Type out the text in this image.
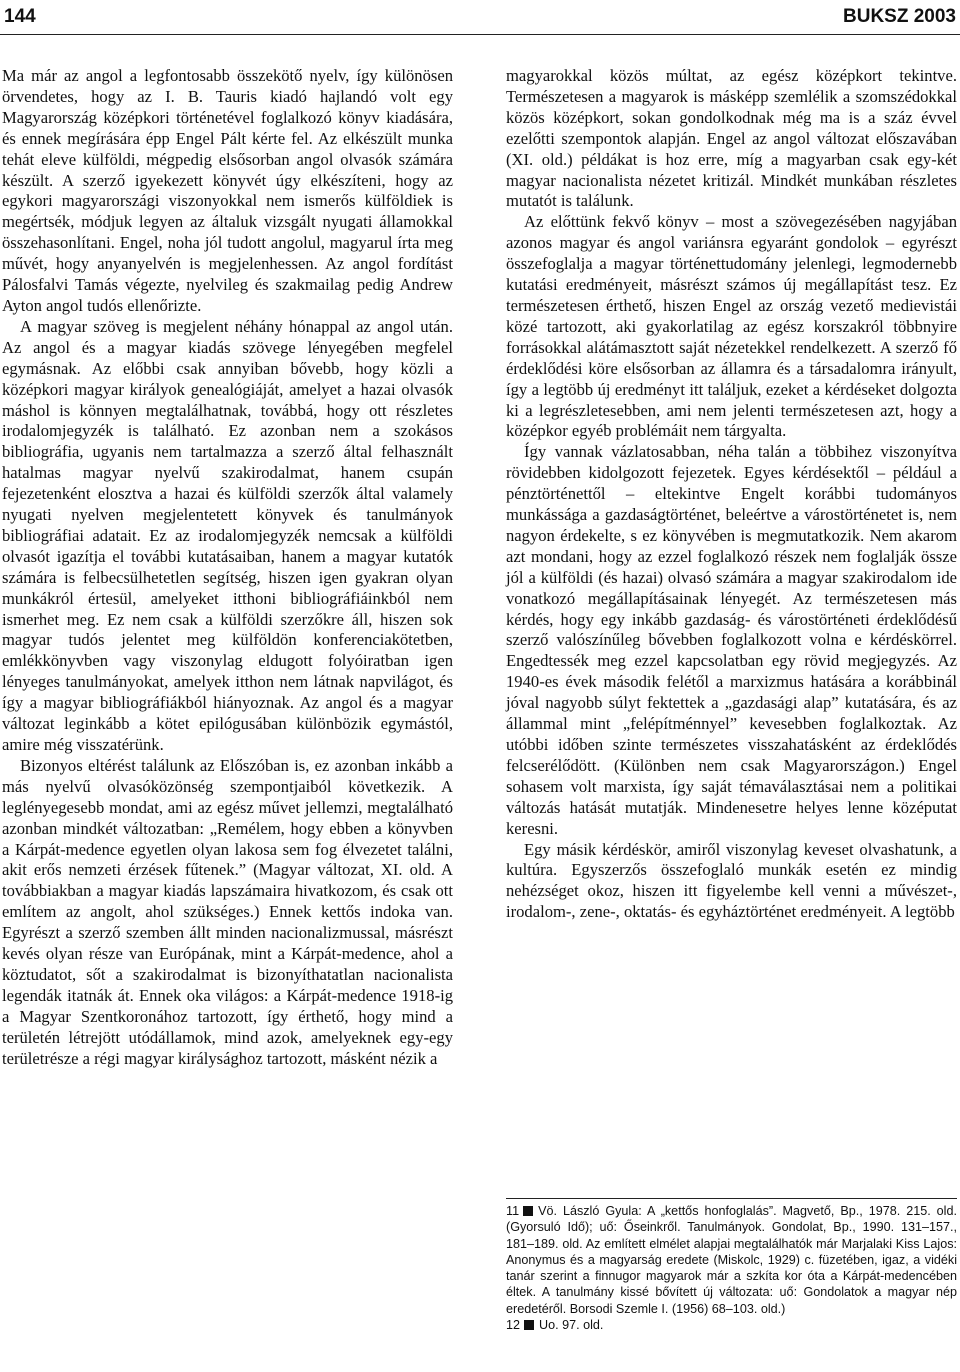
144	BUKSZ 2003

Ma már az angol a legfontosabb összekötő nyelv, így különösen örvendetes, hogy az I. B. Tauris kiadó hajlandó volt egy Magyarország középkori történetével foglalkozó könyv kiadására, és ennek megírására épp Engel Pált kérte fel. Az elkészült munka tehát eleve külföldi, mégpedig elsősorban angol olvasók számára készült. A szerző igyekezett könyvét úgy elkészíteni, hogy az egykori magyarországi viszonyokkal nem ismerős külföldiek is megértsék, módjuk legyen az általuk vizsgált nyugati államokkal összehasonlítani. Engel, noha jól tudott angolul, magyarul írta meg művét, hogy anyanyelvén is megjelenhessen. Az angol fordítást Pálosfalvi Tamás végezte, nyelvileg és szakmailag pedig Andrew Ayton angol tudós ellenőrizte.

A magyar szöveg is megjelent néhány hónappal az angol után. Az angol és a magyar kiadás szövege lényegében megfelel egymásnak. Az előbbi csak annyiban bővebb, hogy közli a középkori magyar királyok genealógiáját, amelyet a hazai olvasók máshol is könnyen megtalálhatnak, továbbá, hogy ott részletes irodalomjegyzék is található. Ez azonban nem a szokásos bibliográfia, ugyanis nem tartalmazza a szerző által felhasznált hatalmas magyar nyelvű szakirodalmat, hanem csupán fejezetenként elosztva a hazai és külföldi szerzők által valamely nyugati nyelven megjelentetett könyvek és tanulmányok bibliográfiai adatait. Ez az irodalomjegyzék nemcsak a külföldi olvasót igazítja el további kutatásaiban, hanem a magyar kutatók számára is felbecsülhetetlen segítség, hiszen igen gyakran olyan munkákról értesül, amelyeket itthoni bibliográfiáinkból nem ismerhet meg. Ez nem csak a külföldi szerzőkre áll, hiszen sok magyar tudós jelentet meg külföldön konferenciakötetben, emlékkönyvben vagy viszonylag eldugott folyóiratban igen lényeges tanulmányokat, amelyek itthon nem látnak napvilágot, és így a magyar bibliográfiákból hiányoznak. Az angol és a magyar változat leginkább a kötet epilógusában különbözik egymástól, amire még visszatérünk.

Bizonyos eltérést találunk az Előszóban is, ez azonban inkább a más nyelvű olvasóközönség szempontjaiból következik. A leglényegesebb mondat, ami az egész művet jellemzi, megtalálható azonban mindkét változatban: „Remélem, hogy ebben a könyvben a Kárpát-medence egyetlen olyan lakosa sem fog élvezetet találni, akit erős nemzeti érzések fűtenek.” (Magyar változat, XI. old. A továbbiakban a magyar kiadás lapszámaira hivatkozom, és csak ott említem az angolt, ahol szükséges.) Ennek kettős indoka van. Egyrészt a szerző szemben állt minden nacionalizmussal, másrészt kevés olyan része van Európának, mint a Kárpát-medence, ahol a köztudatot, sőt a szakirodalmat is bizonyíthatatlan nacionalista legendák itatnák át. Ennek oka világos: a Kárpát-medence 1918-ig a Magyar Szentkoronához tartozott, így érthető, hogy mind a területén létrejött utódállamok, mind azok, amelyeknek egy-egy területrésze a régi magyar királysághoz tartozott, másként nézik a

magyarokkal közös múltat, az egész középkort tekintve. Természetesen a magyarok is másképp szemlélik a szomszédokkal közös középkort, sokan gondolkodnak még ma is a száz évvel ezelőtti szempontok alapján. Engel az angol változat előszavában (XI. old.) példákat is hoz erre, míg a magyarban csak egy-két magyar nacionalista nézetet kritizál. Mindkét munkában részletes mutatót is találunk.

Az előttünk fekvő könyv – most a szövegezésében nagyjában azonos magyar és angol variánsra egyaránt gondolok – egyrészt összefoglalja a magyar történettudomány jelenlegi, legmodernebb kutatási eredményeit, másrészt számos új megállapítást tesz. Ez természetesen érthető, hiszen Engel az ország vezető medievistái közé tartozott, aki gyakorlatilag az egész korszakról többnyire forrásokkal alátámasztott saját nézetekkel rendelkezett. A szerző fő érdeklődési köre elsősorban az államra és a társadalomra irányult, így a legtöbb új eredményt itt találjuk, ezeket a kérdéseket dolgozta ki a legrészletesebben, ami nem jelenti természetesen azt, hogy a középkor egyéb problémáit nem tárgyalta.

Így vannak vázlatosabban, néha talán a többihez viszonyítva rövidebben kidolgozott fejezetek. Egyes kérdésektől – például a pénztörténettől – eltekintve Engelt korábbi tudományos munkássága a gazdaságtörténet, beleértve a várostörténetet is, nem nagyon érdekelte, s ez könyvében is megmutatkozik. Nem akarom azt mondani, hogy az ezzel foglalkozó részek nem foglalják össze jól a külföldi (és hazai) olvasó számára a magyar szakirodalom ide vonatkozó megállapításainak lényegét. Az természetesen más kérdés, hogy egy inkább gazdaság- és várostörténeti érdeklődésű szerző valószínűleg bővebben foglalkozott volna e kérdéskörrel. Engedtessék meg ezzel kapcsolatban egy rövid megjegyzés. Az 1940-es évek második felétől a marxizmus hatására a korábbinál jóval nagyobb súlyt fektettek a „gazdasági alap” kutatására, és az állammal mint „felépítménnyel” kevesebben foglalkoztak. Az utóbbi időben szinte természetes visszahatásként az érdeklődés felcserélődött. (Különben nem csak Magyarországon.) Engel sohasem volt marxista, így saját témaválasztásai nem a politikai változás hatását mutatják. Mindenesetre helyes lenne középutat keresni.

Egy másik kérdéskör, amiről viszonylag keveset olvashatunk, a kultúra. Egyszerzős összefoglaló munkák esetén ez mindig nehézséget okoz, hiszen itt figyelembe kell venni a művészet-, irodalom-, zene-, oktatás- és egyháztörténet eredményeit. A legtöbb

11 Vö. László Gyula: A „kettős honfoglalás”. Magvető, Bp., 1978. 215. old. (Gyorsuló Idő); uő: Őseinkről. Tanulmányok. Gondolat, Bp., 1990. 131–157., 181–189. old. Az említett elmélet alapjai megtalálhatók már Marjalaki Kiss Lajos: Anonymus és a magyarság eredete (Miskolc, 1929) c. füzetében, igaz, a vidéki tanár szerint a finnugor magyarok már a szkíta kor óta a Kárpát-medencében éltek. A tanulmány kissé bővített új változata: uő: Gondolatok a magyar nép eredetéről. Borsodi Szemle I. (1956) 68–103. old.)

12 Uo. 97. old.
